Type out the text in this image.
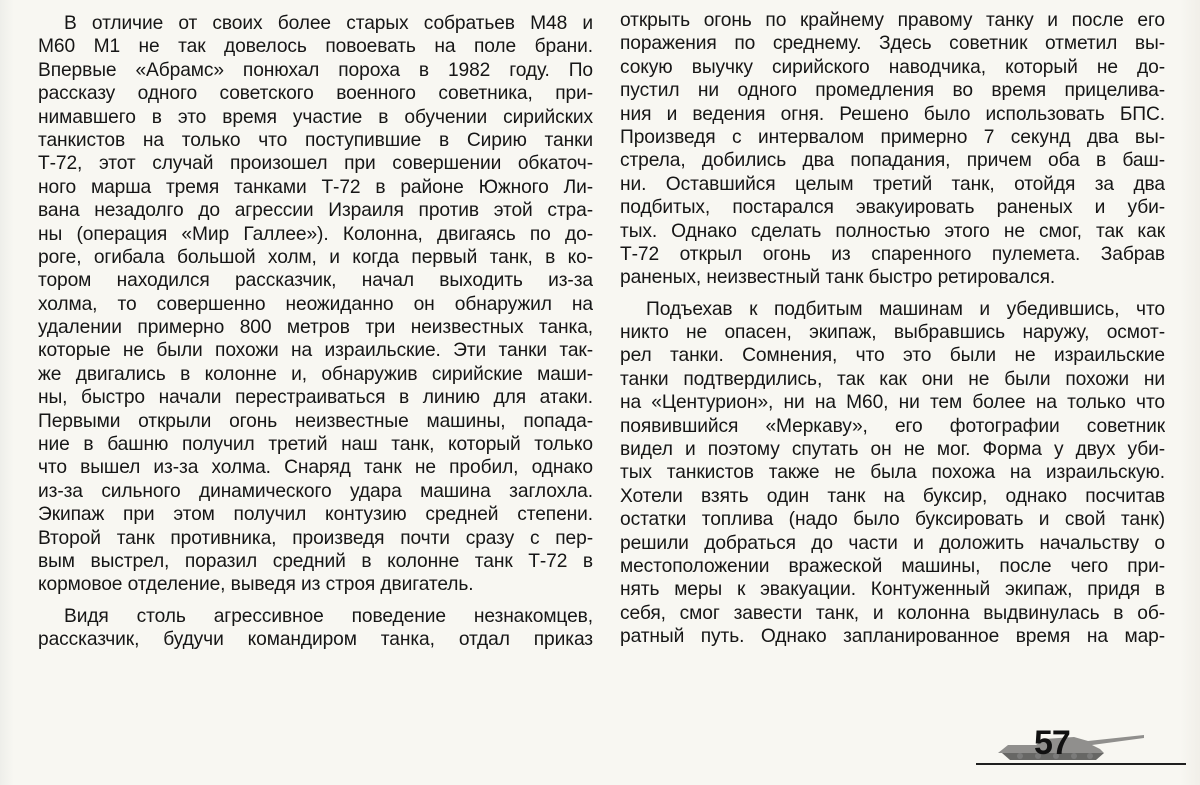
В отличие от своих более старых собратьев М48 и
М60 М1 не так довелось повоевать на поле брани.
Впервые «Абрамс» понюхал пороха в 1982 году. По
рассказу одного советского военного советника, при-
нимавшего в это время участие в обучении сирийских
танкистов на только что поступившие в Сирию танки
Т-72, этот случай произошел при совершении обкаточ-
ного марша тремя танками Т-72 в районе Южного Ли-
вана незадолго до агрессии Израиля против этой стра-
ны (операция «Мир Галлее»). Колонна, двигаясь по до-
роге, огибала большой холм, и когда первый танк, в ко-
тором находился рассказчик, начал выходить из-за
холма, то совершенно неожиданно он обнаружил на
удалении примерно 800 метров три неизвестных танка,
которые не были похожи на израильские. Эти танки так-
же двигались в колонне и, обнаружив сирийские маши-
ны, быстро начали перестраиваться в линию для атаки.
Первыми открыли огонь неизвестные машины, попада-
ние в башню получил третий наш танк, который только
что вышел из-за холма. Снаряд танк не пробил, однако
из-за сильного динамического удара машина заглохла.
Экипаж при этом получил контузию средней степени.
Второй танк противника, произведя почти сразу с пер-
вым выстрел, поразил средний в колонне танк Т-72 в
кормовое отделение, выведя из строя двигатель.
Видя столь агрессивное поведение незнакомцев,
рассказчик, будучи командиром танка, отдал приказ
открыть огонь по крайнему правому танку и после его
поражения по среднему. Здесь советник отметил вы-
сокую выучку сирийского наводчика, который не до-
пустил ни одного промедления во время прицелива-
ния и ведения огня. Решено было использовать БПС.
Произведя с интервалом примерно 7 секунд два вы-
стрела, добились два попадания, причем оба в баш-
ни. Оставшийся целым третий танк, отойдя за два
подбитых, постарался эвакуировать раненых и уби-
тых. Однако сделать полностью этого не смог, так как
Т-72 открыл огонь из спаренного пулемета. Забрав
раненых, неизвестный танк быстро ретировался.
Подъехав к подбитым машинам и убедившись, что
никто не опасен, экипаж, выбравшись наружу, осмот-
рел танки. Сомнения, что это были не израильские
танки подтвердились, так как они не были похожи ни
на «Центурион», ни на М60, ни тем более на только что
появившийся «Меркаву», его фотографии советник
видел и поэтому спутать он не мог. Форма у двух уби-
тых танкистов также не была похожа на израильскую.
Хотели взять один танк на буксир, однако посчитав
остатки топлива (надо было буксировать и свой танк)
решили добраться до части и доложить начальству о
местоположении вражеской машины, после чего при-
нять меры к эвакуации. Контуженный экипаж, придя в
себя, смог завести танк, и колонна выдвинулась в об-
ратный путь. Однако запланированное время на мар-
57
